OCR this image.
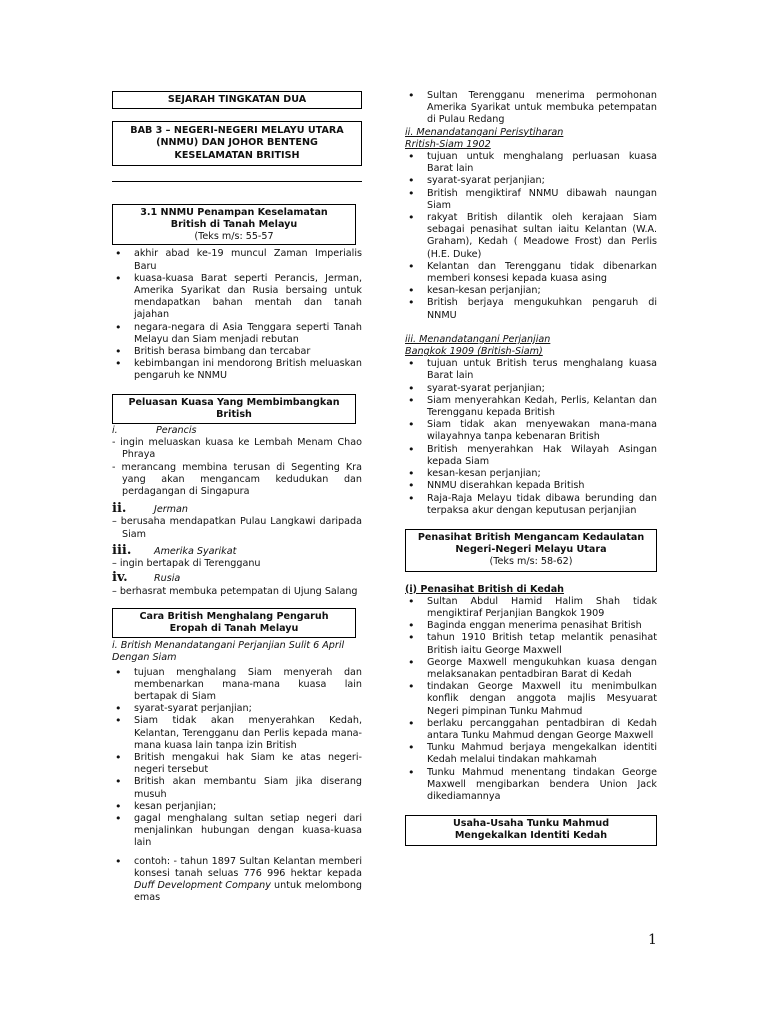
SEJARAH TINGKATAN DUA
BAB 3 – NEGERI-NEGERI MELAYU UTARA (NNMU) DAN JOHOR BENTENG KESELAMATAN BRITISH
3.1 NNMU Penampan Keselamatan British di Tanah Melayu
(Teks m/s: 55-57
• akhir abad ke-19 muncul Zaman Imperialis Baru
• kuasa-kuasa Barat seperti Perancis, Jerman, Amerika Syarikat dan Rusia bersaing untuk mendapatkan bahan mentah dan tanah jajahan
• negara-negara di Asia Tenggara seperti Tanah Melayu dan Siam menjadi rebutan
• British berasa bimbang dan tercabar
• kebimbangan ini mendorong British meluaskan pengaruh ke NNMU
Peluasan Kuasa Yang Membimbangkan British
i.	Perancis
- ingin meluaskan kuasa ke Lembah Menam Chao Phraya
- merancang membina terusan di Segenting Kra yang akan mengancam kedudukan dan perdagangan di Singapura
ii.	Jerman
– berusaha mendapatkan Pulau Langkawi daripada Siam
iii. Amerika Syarikat
– ingin bertapak di Terengganu
iv.	Rusia
– berhasrat membuka petempatan di Ujung Salang
Cara British Menghalang Pengaruh Eropah di Tanah Melayu
i. British Menandatangani Perjanjian Sulit 6 April Dengan Siam
• tujuan menghalang Siam menyerah dan membenarkan mana-mana kuasa lain bertapak di Siam
• syarat-syarat perjanjian;
• Siam tidak akan menyerahkan Kedah, Kelantan, Terengganu dan Perlis kepada mana-mana kuasa lain tanpa izin British
• British mengakui hak Siam ke atas negeri-negeri tersebut
• British akan membantu Siam jika diserang musuh
• kesan perjanjian;
• gagal menghalang sultan setiap negeri dari menjalinkan hubungan dengan kuasa-kuasa lain
• contoh: - tahun 1897 Sultan Kelantan memberi konsesi tanah seluas 776 996 hektar kepada Duff Development Company untuk melombong emas
• Sultan Terengganu menerima permohonan Amerika Syarikat untuk membuka petempatan di Pulau Redang
ii. Menandatangani Perisytiharan Rritish-Siam 1902
• tujuan untuk menghalang perluasan kuasa Barat lain
• syarat-syarat perjanjian;
• British mengiktiraf NNMU dibawah naungan Siam
• rakyat British dilantik oleh kerajaan Siam sebagai penasihat sultan iaitu Kelantan (W.A. Graham), Kedah ( Meadowe Frost) dan Perlis (H.E. Duke)
• Kelantan dan Terengganu tidak dibenarkan memberi konsesi kepada kuasa asing
• kesan-kesan perjanjian;
• British berjaya mengukuhkan pengaruh di NNMU
iii. Menandatangani Perjanjian Bangkok 1909 (British-Siam)
• tujuan untuk British terus menghalang kuasa Barat lain
• syarat-syarat perjanjian;
• Siam menyerahkan Kedah, Perlis, Kelantan dan Terengganu kepada British
• Siam tidak akan menyewakan mana-mana wilayahnya tanpa kebenaran British
• British menyerahkan Hak Wilayah Asingan kepada Siam
• kesan-kesan perjanjian;
• NNMU diserahkan kepada British
• Raja-Raja Melayu tidak dibawa berunding dan terpaksa akur dengan keputusan perjanjian
Penasihat British Mengancam Kedaulatan Negeri-Negeri Melayu Utara
(Teks m/s: 58-62)
(i) Penasihat British di Kedah
• Sultan Abdul Hamid Halim Shah tidak mengiktiraf Perjanjian Bangkok 1909
• Baginda enggan menerima penasihat British
• tahun 1910 British tetap melantik penasihat British iaitu George Maxwell
• George Maxwell mengukuhkan kuasa dengan melaksanakan pentadbiran Barat di Kedah
• tindakan George Maxwell itu menimbulkan konflik dengan anggota majlis Mesyuarat Negeri pimpinan Tunku Mahmud
• berlaku percanggahan pentadbiran di Kedah antara Tunku Mahmud dengan George Maxwell
• Tunku Mahmud berjaya mengekalkan identiti Kedah melalui tindakan mahkamah
• Tunku Mahmud menentang tindakan George Maxwell mengibarkan bendera Union Jack dikediamannya
Usaha-Usaha Tunku Mahmud Mengekalkan Identiti Kedah
1
